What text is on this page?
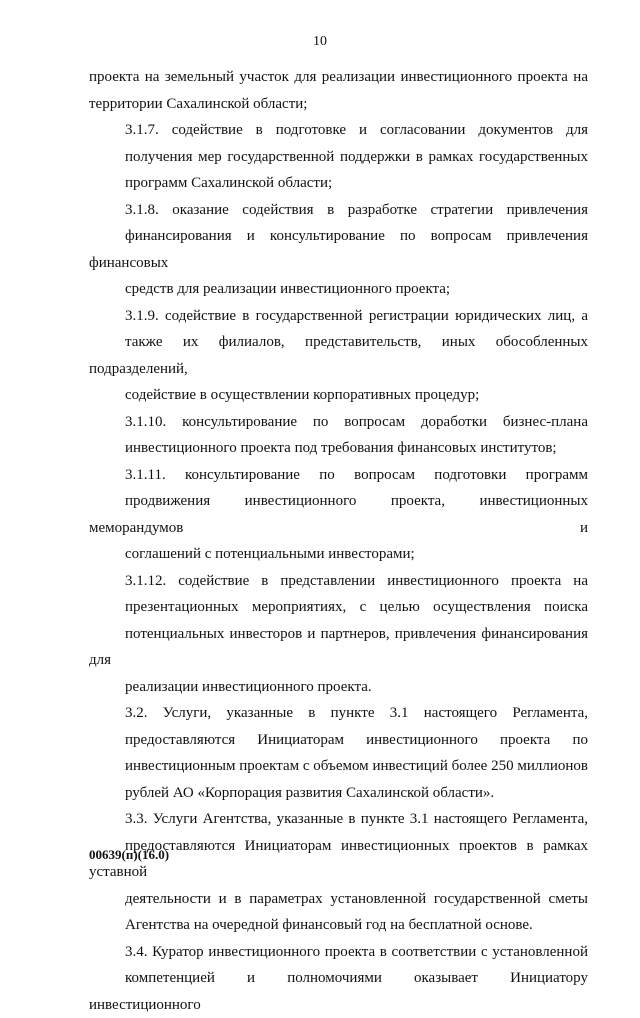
10

проекта на земельный участок для реализации инвестиционного проекта на
территории Сахалинской области;

3.1.7. содействие в подготовке и согласовании документов для
получения мер государственной поддержки в рамках государственных
программ Сахалинской области;

3.1.8. оказание содействия в разработке стратегии привлечения
финансирования и консультирование по вопросам привлечения финансовых
средств для реализации инвестиционного проекта;

3.1.9. содействие в государственной регистрации юридических лиц, а
также их филиалов, представительств, иных обособленных подразделений,
содействие в осуществлении корпоративных процедур;

3.1.10. консультирование по вопросам доработки бизнес-плана
инвестиционного проекта под требования финансовых институтов;

3.1.11. консультирование по вопросам подготовки программ
продвижения инвестиционного проекта, инвестиционных меморандумов и
соглашений с потенциальными инвесторами;

3.1.12. содействие в представлении инвестиционного проекта на
презентационных мероприятиях, с целью осуществления поиска
потенциальных инвесторов и партнеров, привлечения финансирования для
реализации инвестиционного проекта.

3.2. Услуги, указанные в пункте 3.1 настоящего Регламента,
предоставляются Инициаторам инвестиционного проекта по
инвестиционным проектам с объемом инвестиций более 250 миллионов
рублей АО «Корпорация развития Сахалинской области».

3.3. Услуги Агентства, указанные в пункте 3.1 настоящего Регламента,
предоставляются Инициаторам инвестиционных проектов в рамках уставной
деятельности и в параметрах установленной государственной сметы
Агентства на очередной финансовый год на бесплатной основе.

3.4. Куратор инвестиционного проекта в соответствии с установленной
компетенцией и полномочиями оказывает Инициатору инвестиционного

00639(п)(16.0)
